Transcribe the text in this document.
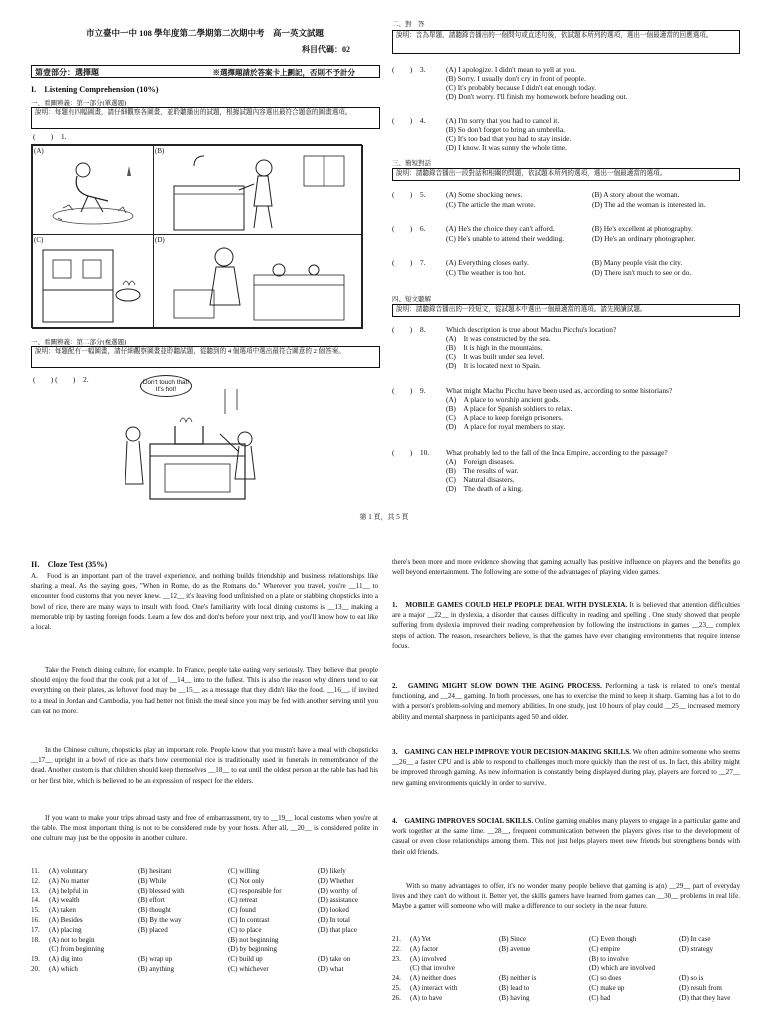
市立臺中一中 108 學年度第二學期第二次期中考　高一英文試題
科目代碼：02
第壹部分：選擇題	※選擇題請於答案卡上劃記，否則不予計分
I.　Listening Comprehension (10%)
一、看圖辨義：第一部分(單選題)
說明：每題有四幅圖畫，請仔細觀察各圖畫，並聆聽播出的試題，根據試題內容選出最符合題意的圖畫選項。
(　　)　1.
(A)	(B)
(C)	(D)
一、看圖辨義：第二部分(複選題)
說明：每題配有一幅圖畫，請仔細觀察圖畫並聆聽試題，從聽到的 4 個選項中選出最符合圖意的 2 個答案。
(　　) (　　)　2.	Don't touch that! It's hot!
二、對　答
說明：音為單題，請聽錄音播出的一個問句或直述句後，依試題本所列的選項，選出一個最適當的回應選項。
(　　)　3.	(A) I apologize. I didn't mean to yell at you.
(B) Sorry. I usually don't cry in front of people.
(C) It's probably because I didn't eat enough today.
(D) Don't worry. I'll finish my homework before heading out.
(　　)　4.	(A) I'm sorry that you had to cancel it.
(B) So don't forget to bring an umbrella.
(C) It's too bad that you had to stay inside.
(D) I know. It was sunny the whole time.
三、簡短對話
說明：請聽錄音播出一段對話和相關的問題，依試題本所列的選項，選出一個最適當的選項。
(　　)　5.	(A) Some shocking news.	(B) A story about the woman.
(C) The article the man wrote.	(D) The ad the woman is interested in.
(　　)　6.	(A) He's the choice they can't afford.	(B) He's excellent at photography.
(C) He's unable to attend their wedding.	(D) He's an ordinary photographer.
(　　)　7.	(A) Everything closes early.	(B) Many people visit the city.
(C) The weather is too hot.	(D) There isn't much to see or do.
四、短文聽解
說明：請聽錄音播出的一段短文，從試題本中選出一個最適當的選項。請先閱讀試題。
(　　)　8.	Which description is true about Machu Picchu's location?
(A)　It was constructed by the sea.
(B)　It is high in the mountains.
(C)　It was built under sea level.
(D)　It is located next to Spain.
(　　)　9.	What might Machu Picchu have been used as, according to some historians?
(A)　A place to worship ancient gods.
(B)　A place for Spanish soldiers to relax.
(C)　A place to keep foreign prisoners.
(D)　A place for royal members to stay.
(　　)　10. What probably led to the fall of the Inca Empire, according to the passage?
(A)　Foreign diseases.
(B)　The results of war.
(C)　Natural disasters.
(D)　The death of a king.
第 1 頁，共 5 頁
II.　Cloze Test (35%)
A.　Food is an important part of the travel experience, and nothing builds friendship and business relationships like sharing a meal. As the saying goes, "When in Rome, do as the Romans do." Wherever you travel, you're __11__ to encounter food customs that you never knew. __12__ it's leaving food unfinished on a plate or stabbing chopsticks into a bowl of rice, there are many ways to insult with food. One's familiarity with local dining customs is __13__ making a memorable trip by tasting foreign foods. Learn a few dos and don'ts before your next trip, and you'll know how to eat like a local.
Take the French dining culture, for example. In France, people take eating very seriously. They believe that people should enjoy the food that the cook put a lot of __14__ into to the fullest. This is also the reason why diners tend to eat everything on their plates, as leftover food may be __15__ as a message that they didn't like the food. __16__, if invited to a meal in Jordan and Cambodia, you had better not finish the meal since you may be fed with another serving until you can eat no more.
In the Chinese culture, chopsticks play an important role. People know that you mustn't have a meal with chopsticks __17__ upright in a bowl of rice as that's how ceremonial rice is traditionally used in funerals in remembrance of the dead. Another custom is that children should keep themselves __18__ to eat until the oldest person at the table has had his or her first bite, which is believed to be an expression of respect for the elders.
If you want to make your trips abroad tasty and free of embarrassment, try to __19__ local customs when you're at the table. The most important thing is not to be considered rude by your hosts. After all, __20__ is considered polite in one culture may just be the opposite in another culture.
11. (A) voluntary	(B) hesitant	(C) willing	(D) likely
12. (A) No matter	(B) While	(C) Not only	(D) Whether
13. (A) helpful in	(B) blessed with	(C) responsible for	(D) worthy of
14. (A) wealth	(B) effort	(C) retreat	(D) assistance
15. (A) taken	(B) thought	(C) found	(D) looked
16. (A) Besides	(B) By the way	(C) In contrast	(D) In total
17. (A) placing	(B) placed	(C) to place	(D) that place
18. (A) not to begin	(B) not beginning
(C) from beginning	(D) by beginning
19. (A) dig into	(B) wrap up	(C) build up	(D) take on
20. (A) which	(B) anything	(C) whichever	(D) what
there's been more and more evidence showing that gaming actually has positive influence on players and the benefits go well beyond entertainment. The following are some of the advantages of playing video games.
1.　MOBILE GAMES COULD HELP PEOPLE DEAL WITH DYSLEXIA. It is believed that attention difficulties are a major __22__ in dyslexia, a disorder that causes difficulty in reading and spelling . One study showed that people suffering from dyslexia improved their reading comprehension by following the instructions in games __23__ complex steps of action. The reason, researchers believe, is that the games have ever changing environments that require intense focus.
2.　GAMING MIGHT SLOW DOWN THE AGING PROCESS. Performing a task is related to one's mental functioning, and __24__ gaming. In both processes, one has to exercise the mind to keep it sharp. Gaming has a lot to do with a person's problem-solving and memory abilities. In one study, just 10 hours of play could __25__ increased memory ability and mental sharpness in participants aged 50 and older.
3.　GAMING CAN HELP IMPROVE YOUR DECISION-MAKING SKILLS. We often admire someone who seems __26__ a faster CPU and is able to respond to challenges much more quickly than the rest of us. In fact, this ability might be improved through gaming. As new information is constantly being displayed during play, players are forced to __27__ new gaming environments quickly in order to survive.
4.　GAMING IMPROVES SOCIAL SKILLS. Online gaming enables many players to engage in a particular game and work together at the same time. __28__, frequent communication between the players gives rise to the development of casual or even close relationships among them. This not just helps players meet new friends but strengthens bonds with their old friends.
With so many advantages to offer, it's no wonder many people believe that gaming is a(n) __29__ part of everyday lives and they can't do without it. Better yet, the skills gamers have learned from games can __30__ problems in real life. Maybe a gamer will someone who will make a difference to our society in the near future.
21. (A) Yet	(B) Since	(C) Even though	(D) In case
22. (A) factor	(B) avenue	(C) empire	(D) strategy
23. (A) involved	(B) to involve
(C) that involve	(D) which are involved
24. (A) neither does	(B) neither is	(C) so does	(D) so is
25. (A) interact with	(B) lead to	(C) make up	(D) result from
26. (A) to have	(B) having	(C) had	(D) that they have
